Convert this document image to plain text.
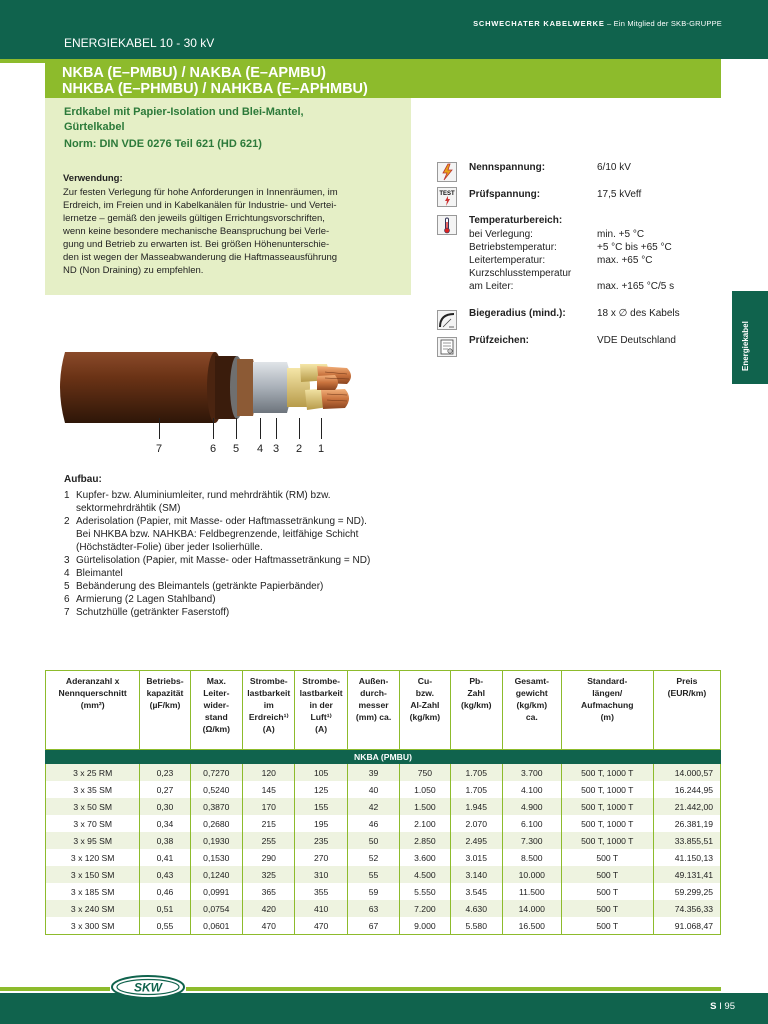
SCHWECHATER KABELWERKE – Ein Mitglied der SKB-GRUPPE
ENERGIEKABEL 10 - 30 kV
NKBA (E–PMBU) / NAKBA (E–APMBU)
NHKBA (E–PHMBU) / NAHKBA (E–APHMBU)
Erdkabel mit Papier-Isolation und Blei-Mantel,
Gürtelkabel
Norm: DIN VDE 0276 Teil 621 (HD 621)
Verwendung:
Zur festen Verlegung für hohe Anforderungen in Innenräumen, im
Erdreich, im Freien und in Kabelkanälen für Industrie- und Vertei-
lernetze – gemäß den jeweils gültigen Errichtungsvorschriften,
wenn keine besondere mechanische Beanspruchung bei Verle-
gung und Betrieb zu erwarten ist. Bei größen Höhenunterschie-
den ist wegen der Masseabwanderung die Haftmasseausführung
ND (Non Draining) zu empfehlen.
TEST
Nennspannung:	6/10 kV
Prüfspannung:	17,5 kVeff
Temperaturbereich:
bei Verlegung:	min. +5 °C
Betriebstemperatur:	+5 °C bis +65 °C
Leitertemperatur:	max. +65 °C
Kurzschlusstemperatur
am Leiter:	max. +165 °C/5 s
Biegeradius (mind.):	18 x ∅ des Kabels
Prüfzeichen:	VDE Deutschland	Energiekabel
7	6 5 4 3 2 1
Aufbau:
1 Kupfer- bzw. Aluminiumleiter, rund mehrdrähtik (RM) bzw.
sektormehrdrähtik (SM)
2 Aderisolation (Papier, mit Masse- oder Haftmassetränkung = ND).
Bei NHKBA bzw. NAHKBA: Feldbegrenzende, leitfähige Schicht
(Höchstädter-Folie) über jeder Isolierhülle.
3 Gürtelisolation (Papier, mit Masse- oder Haftmassetränkung = ND)
4 Bleimantel
5 Bebänderung des Bleimantels (getränkte Papierbänder)
6 Armierung (2 Lagen Stahlband)
7 Schutzhülle (getränkter Faserstoff)
Aderanzahl x
Nennquerschnitt
(mm²)	Betriebs-
kapazität
(µF/km)	Max.
Leiter-
wider-
stand
(Ω/km)	Strombe-
lastbarkeit
im
Erdreich¹⁾
(A)	Strombe-
lastbarkeit
in der
Luft¹⁾
(A)	Außen-
durch-
messer
(mm) ca.	Cu-
bzw.
Al-Zahl
(kg/km)	Pb-
Zahl
(kg/km)	Gesamt-
gewicht
(kg/km)
ca.	Standard-
längen/
Aufmachung
(m)	Preis
(EUR/km)
NKBA (PMBU)										
3 x 25 RM	0,23	0,7270	120	105	39	750	1.705	3.700	500 T, 1000 T	14.000,57
3 x 35 SM	0,27	0,5240	145	125	40	1.050	1.705	4.100	500 T, 1000 T	16.244,95
3 x 50 SM	0,30	0,3870	170	155	42	1.500	1.945	4.900	500 T, 1000 T	21.442,00
3 x 70 SM	0,34	0,2680	215	195	46	2.100	2.070	6.100	500 T, 1000 T	26.381,19
3 x 95 SM	0,38	0,1930	255	235	50	2.850	2.495	7.300	500 T, 1000 T	33.855,51
3 x 120 SM	0,41	0,1530	290	270	52	3.600	3.015	8.500	500 T	41.150,13
3 x 150 SM	0,43	0,1240	325	310	55	4.500	3.140	10.000	500 T	49.131,41
3 x 185 SM	0,46	0,0991	365	355	59	5.550	3.545	11.500	500 T	59.299,25
3 x 240 SM	0,51	0,0754	420	410	63	7.200	4.630	14.000	500 T	74.356,33
3 x 300 SM	0,55	0,0601	470	470	67	9.000	5.580	16.500	500 T	91.068,47
SKW
S I 95
